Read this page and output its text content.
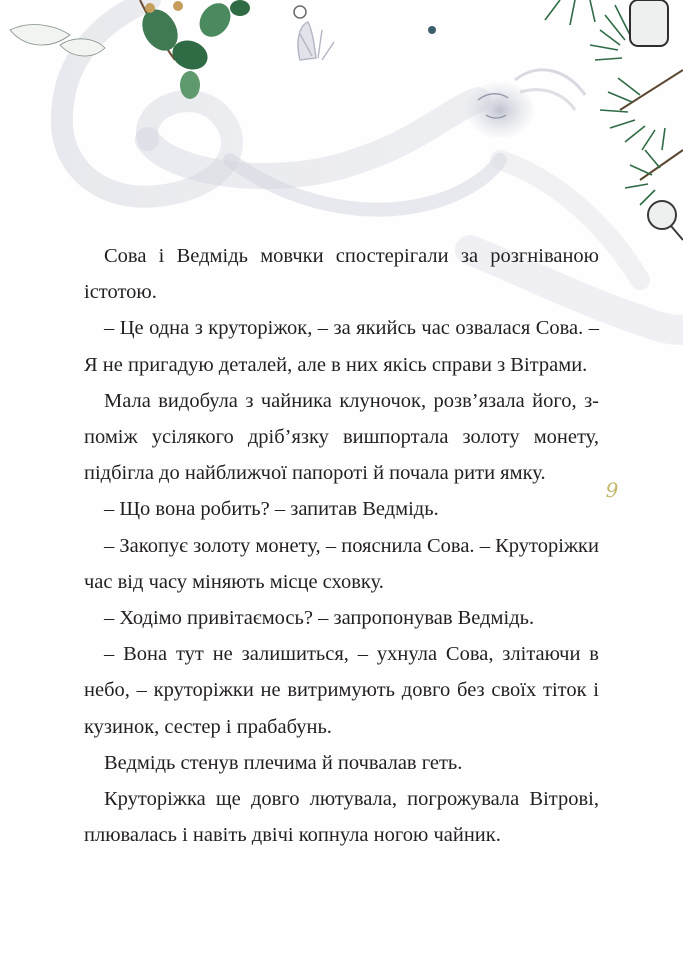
Сова і Ведмідь мовчки спостерігали за розгніваною істотою.

– Це одна з круторіжок, – за якийсь час озвалася Сова. – Я не пригадую деталей, але в них якісь справи з Вітрами.

Мала видобула з чайника клуночок, розв’язала його, з-поміж усілякого дріб’язку вишпортала золоту монету, підбігла до найближчої папороті й почала рити ямку.

– Що вона робить? – запитав Ведмідь.

– Закопує золоту монету, – пояснила Сова. – Круторіжки час від часу міняють місце сховку.

– Ходімо привітаємось? – запропонував Ведмідь.

– Вона тут не залишиться, – ухнула Сова, злітаючи в небо, – круторіжки не витримують довго без своїх тіток і кузинок, сестер і прабабунь.

Ведмідь стенув плечима й почвалав геть.

Круторіжка ще довго лютувала, погрожувала Вітрові, плювалась і навіть двічі копнула ногою чайник.

9
